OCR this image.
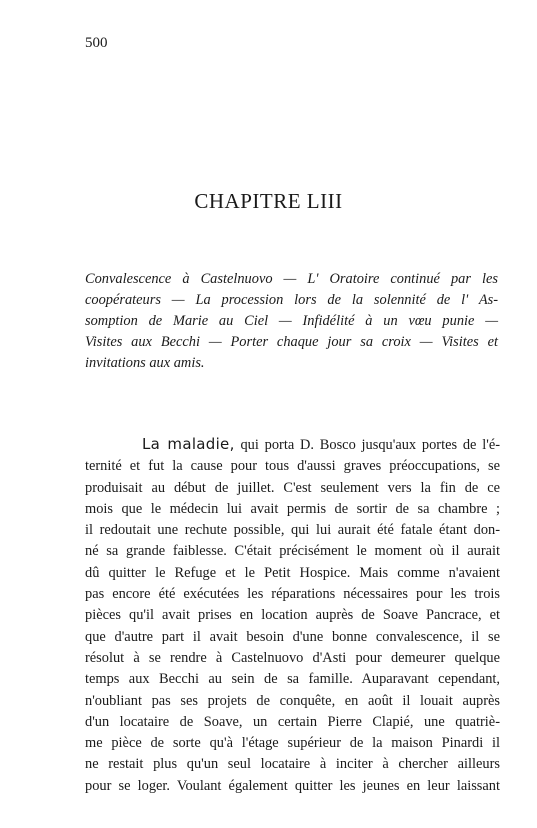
500
CHAPITRE LIII
Convalescence à Castelnuovo — L' Oratoire continué par les
coopérateurs — La procession lors de la solennité de l' As-
somption de Marie au Ciel — Infidélité à un vœu punie —
Visites aux Becchi — Porter chaque jour sa croix — Visites et
invitations aux amis.
La maladie, qui porta D. Bosco jusqu'aux portes de l'é-
ternité et fut la cause pour tous d'aussi graves préoccupations, se
produisait au début de juillet. C'est seulement vers la fin de ce
mois que le médecin lui avait permis de sortir de sa chambre ;
il redoutait une rechute possible, qui lui aurait été fatale étant don-
né sa grande faiblesse. C'était précisément le moment où il aurait
dû quitter le Refuge et le Petit Hospice. Mais comme n'avaient
pas encore été exécutées les réparations nécessaires pour les trois
pièces qu'il avait prises en location auprès de Soave Pancrace, et
que d'autre part il avait besoin d'une bonne convalescence, il se
résolut à se rendre à Castelnuovo d'Asti pour demeurer quelque
temps aux Becchi au sein de sa famille. Auparavant cependant,
n'oubliant pas ses projets de conquête, en août il louait auprès
d'un locataire de Soave, un certain Pierre Clapié, une quatriè-
me pièce de sorte qu'à l'étage supérieur de la maison Pinardi il
ne restait plus qu'un seul locataire à inciter à chercher ailleurs
pour se loger. Voulant également quitter les jeunes en leur laissant
